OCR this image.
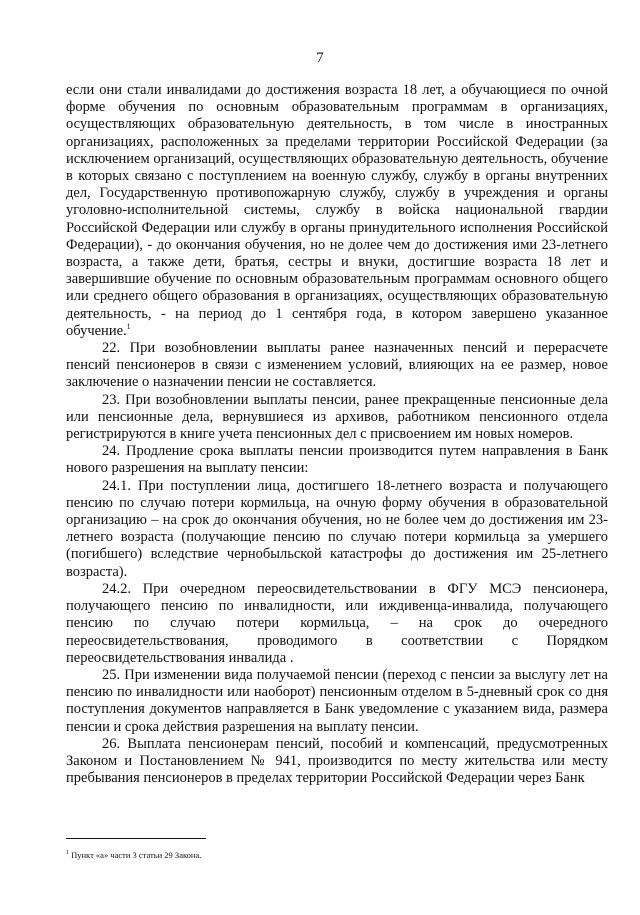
7

если они стали инвалидами до достижения возраста 18 лет, а обучающиеся по очной форме обучения по основным образовательным программам в организациях, осуществляющих образовательную деятельность, в том числе в иностранных организациях, расположенных за пределами территории Российской Федерации (за исключением организаций, осуществляющих образовательную деятельность, обучение в которых связано с поступлением на военную службу, службу в органы внутренних дел, Государственную противопожарную службу, службу в учреждения и органы уголовно-исполнительной системы, службу в войска национальной гвардии Российской Федерации или службу в органы принудительного исполнения Российской Федерации), - до окончания обучения, но не долее чем до достижения ими 23-летнего возраста, а также дети, братья, сестры и внуки, достигшие возраста 18 лет и завершившие обучение по основным образовательным программам основного общего или среднего общего образования в организациях, осуществляющих образовательную деятельность, - на период до 1 сентября года, в котором завершено указанное обучение.$^1$

22. При возобновлении выплаты ранее назначенных пенсий и перерасчете пенсий пенсионеров в связи с изменением условий, влияющих на ее размер, новое заключение о назначении пенсии не составляется.

23. При возобновлении выплаты пенсии, ранее прекращенные пенсионные дела или пенсионные дела, вернувшиеся из архивов, работником пенсионного отдела регистрируются в книге учета пенсионных дел с присвоением им новых номеров.

24. Продление срока выплаты пенсии производится путем направления в Банк нового разрешения на выплату пенсии:

24.1. При поступлении лица, достигшего 18-летнего возраста и получающего пенсию по случаю потери кормильца, на очную форму обучения в образовательной организацию – на срок до окончания обучения, но не более чем до достижения им 23-летнего возраста (получающие пенсию по случаю потери кормильца за умершего (погибшего) вследствие чернобыльской катастрофы до достижения им 25-летнего возраста).

24.2. При очередном переосвидетельствовании в ФГУ МСЭ пенсионера, получающего пенсию по инвалидности, или иждивенца-инвалида, получающего пенсию по случаю потери кормильца, – на срок до очередного переосвидетельствования, проводимого в соответствии с Порядком переосвидетельствования инвалида .

25. При изменении вида получаемой пенсии (переход с пенсии за выслугу лет на пенсию по инвалидности или наоборот) пенсионным отделом в 5-дневный срок со дня поступления документов направляется в Банк уведомление с указанием вида, размера пенсии и срока действия разрешения на выплату пенсии.

26. Выплата пенсионерам пенсий, пособий и компенсаций, предусмотренных Законом и Постановлением № 941, производится по месту жительства или месту пребывания пенсионеров в пределах территории Российской Федерации через Банк

$^1$ Пункт «а» части 3 статьи 29 Закона.
